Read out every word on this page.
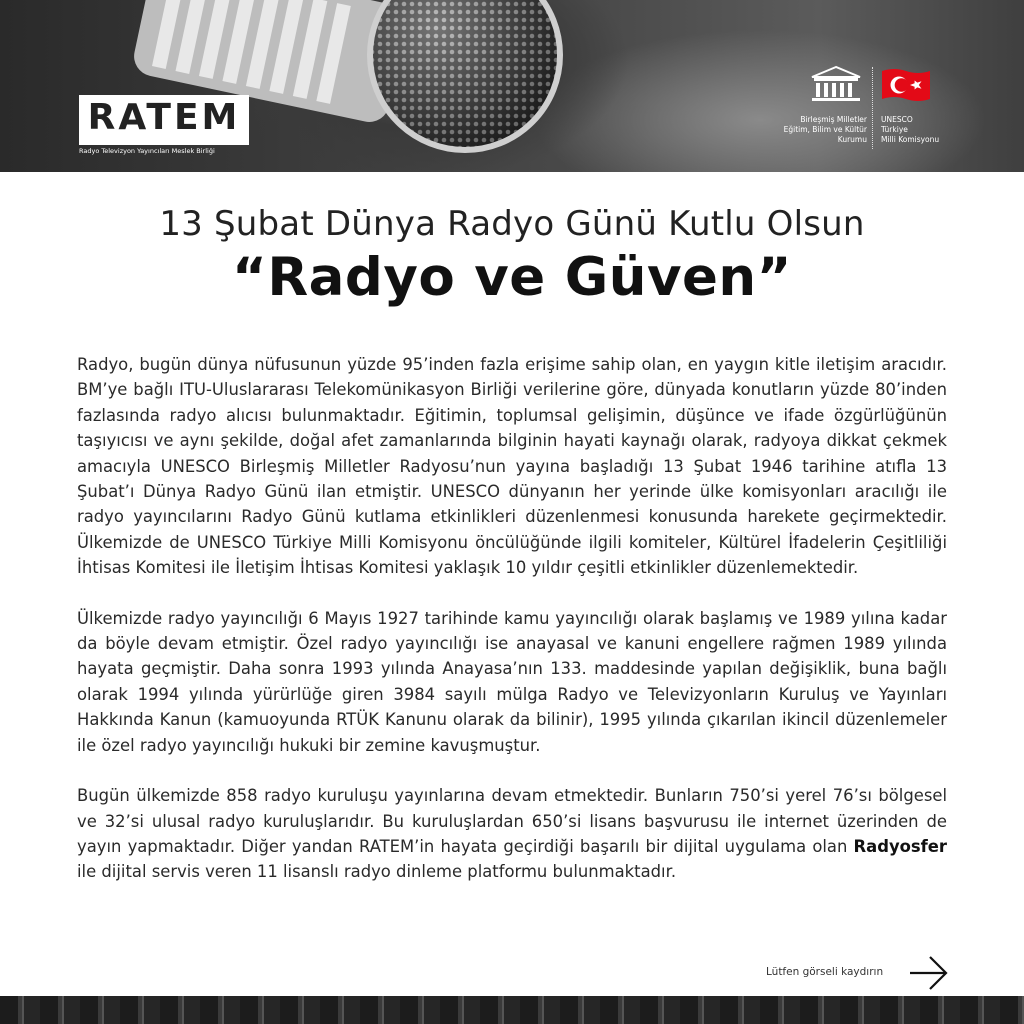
RATEM
Radyo Televizyon Yayıncıları Meslek Birliği
Birleşmiş Milletler
Eğitim, Bilim ve Kültür
Kurumu
UNESCO
Türkiye
Milli Komisyonu
13 Şubat Dünya Radyo Günü Kutlu Olsun
“Radyo ve Güven”

Radyo, bugün dünya nüfusunun yüzde 95’inden fazla erişime sahip olan, en yaygın kitle iletişim aracıdır. BM’ye bağlı ITU-Uluslararası Telekomünikasyon Birliği verilerine göre, dünyada konutların yüzde 80’inden fazlasında radyo alıcısı bulunmaktadır. Eğitimin, toplumsal gelişimin, düşünce ve ifade özgürlüğünün taşıyıcısı ve aynı şekilde, doğal afet zamanlarında bilginin hayati kaynağı olarak, radyoya dikkat çekmek amacıyla UNESCO Birleşmiş Milletler Radyosu’nun yayına başladığı 13 Şubat 1946 tarihine atıfla 13 Şubat’ı Dünya Radyo Günü ilan etmiştir. UNESCO dünyanın her yerinde ülke komisyonları aracılığı ile radyo yayıncılarını Radyo Günü kutlama etkinlikleri düzenlenmesi konusunda harekete geçirmektedir. Ülkemizde de UNESCO Türkiye Milli Komisyonu öncülüğünde ilgili komiteler, Kültürel İfadelerin Çeşitliliği İhtisas Komitesi ile İletişim İhtisas Komitesi yaklaşık 10 yıldır çeşitli etkinlikler düzenlemektedir.

Ülkemizde radyo yayıncılığı 6 Mayıs 1927 tarihinde kamu yayıncılığı olarak başlamış ve 1989 yılına kadar da böyle devam etmiştir. Özel radyo yayıncılığı ise anayasal ve kanuni engellere rağmen 1989 yılında hayata geçmiştir. Daha sonra 1993 yılında Anayasa’nın 133. maddesinde yapılan değişiklik, buna bağlı olarak 1994 yılında yürürlüğe giren 3984 sayılı mülga Radyo ve Televizyonların Kuruluş ve Yayınları Hakkında Kanun (kamuoyunda RTÜK Kanunu olarak da bilinir), 1995 yılında çıkarılan ikincil düzenlemeler ile özel radyo yayıncılığı hukuki bir zemine kavuşmuştur.

Bugün ülkemizde 858 radyo kuruluşu yayınlarına devam etmektedir. Bunların 750’si yerel 76’sı bölgesel ve 32’si ulusal radyo kuruluşlarıdır. Bu kuruluşlardan 650’si lisans başvurusu ile internet üzerinden de yayın yapmaktadır. Diğer yandan RATEM’in hayata geçirdiği başarılı bir dijital uygulama olan Radyosfer ile dijital servis veren 11 lisanslı radyo dinleme platformu bulunmaktadır.

Lütfen görseli kaydırın
